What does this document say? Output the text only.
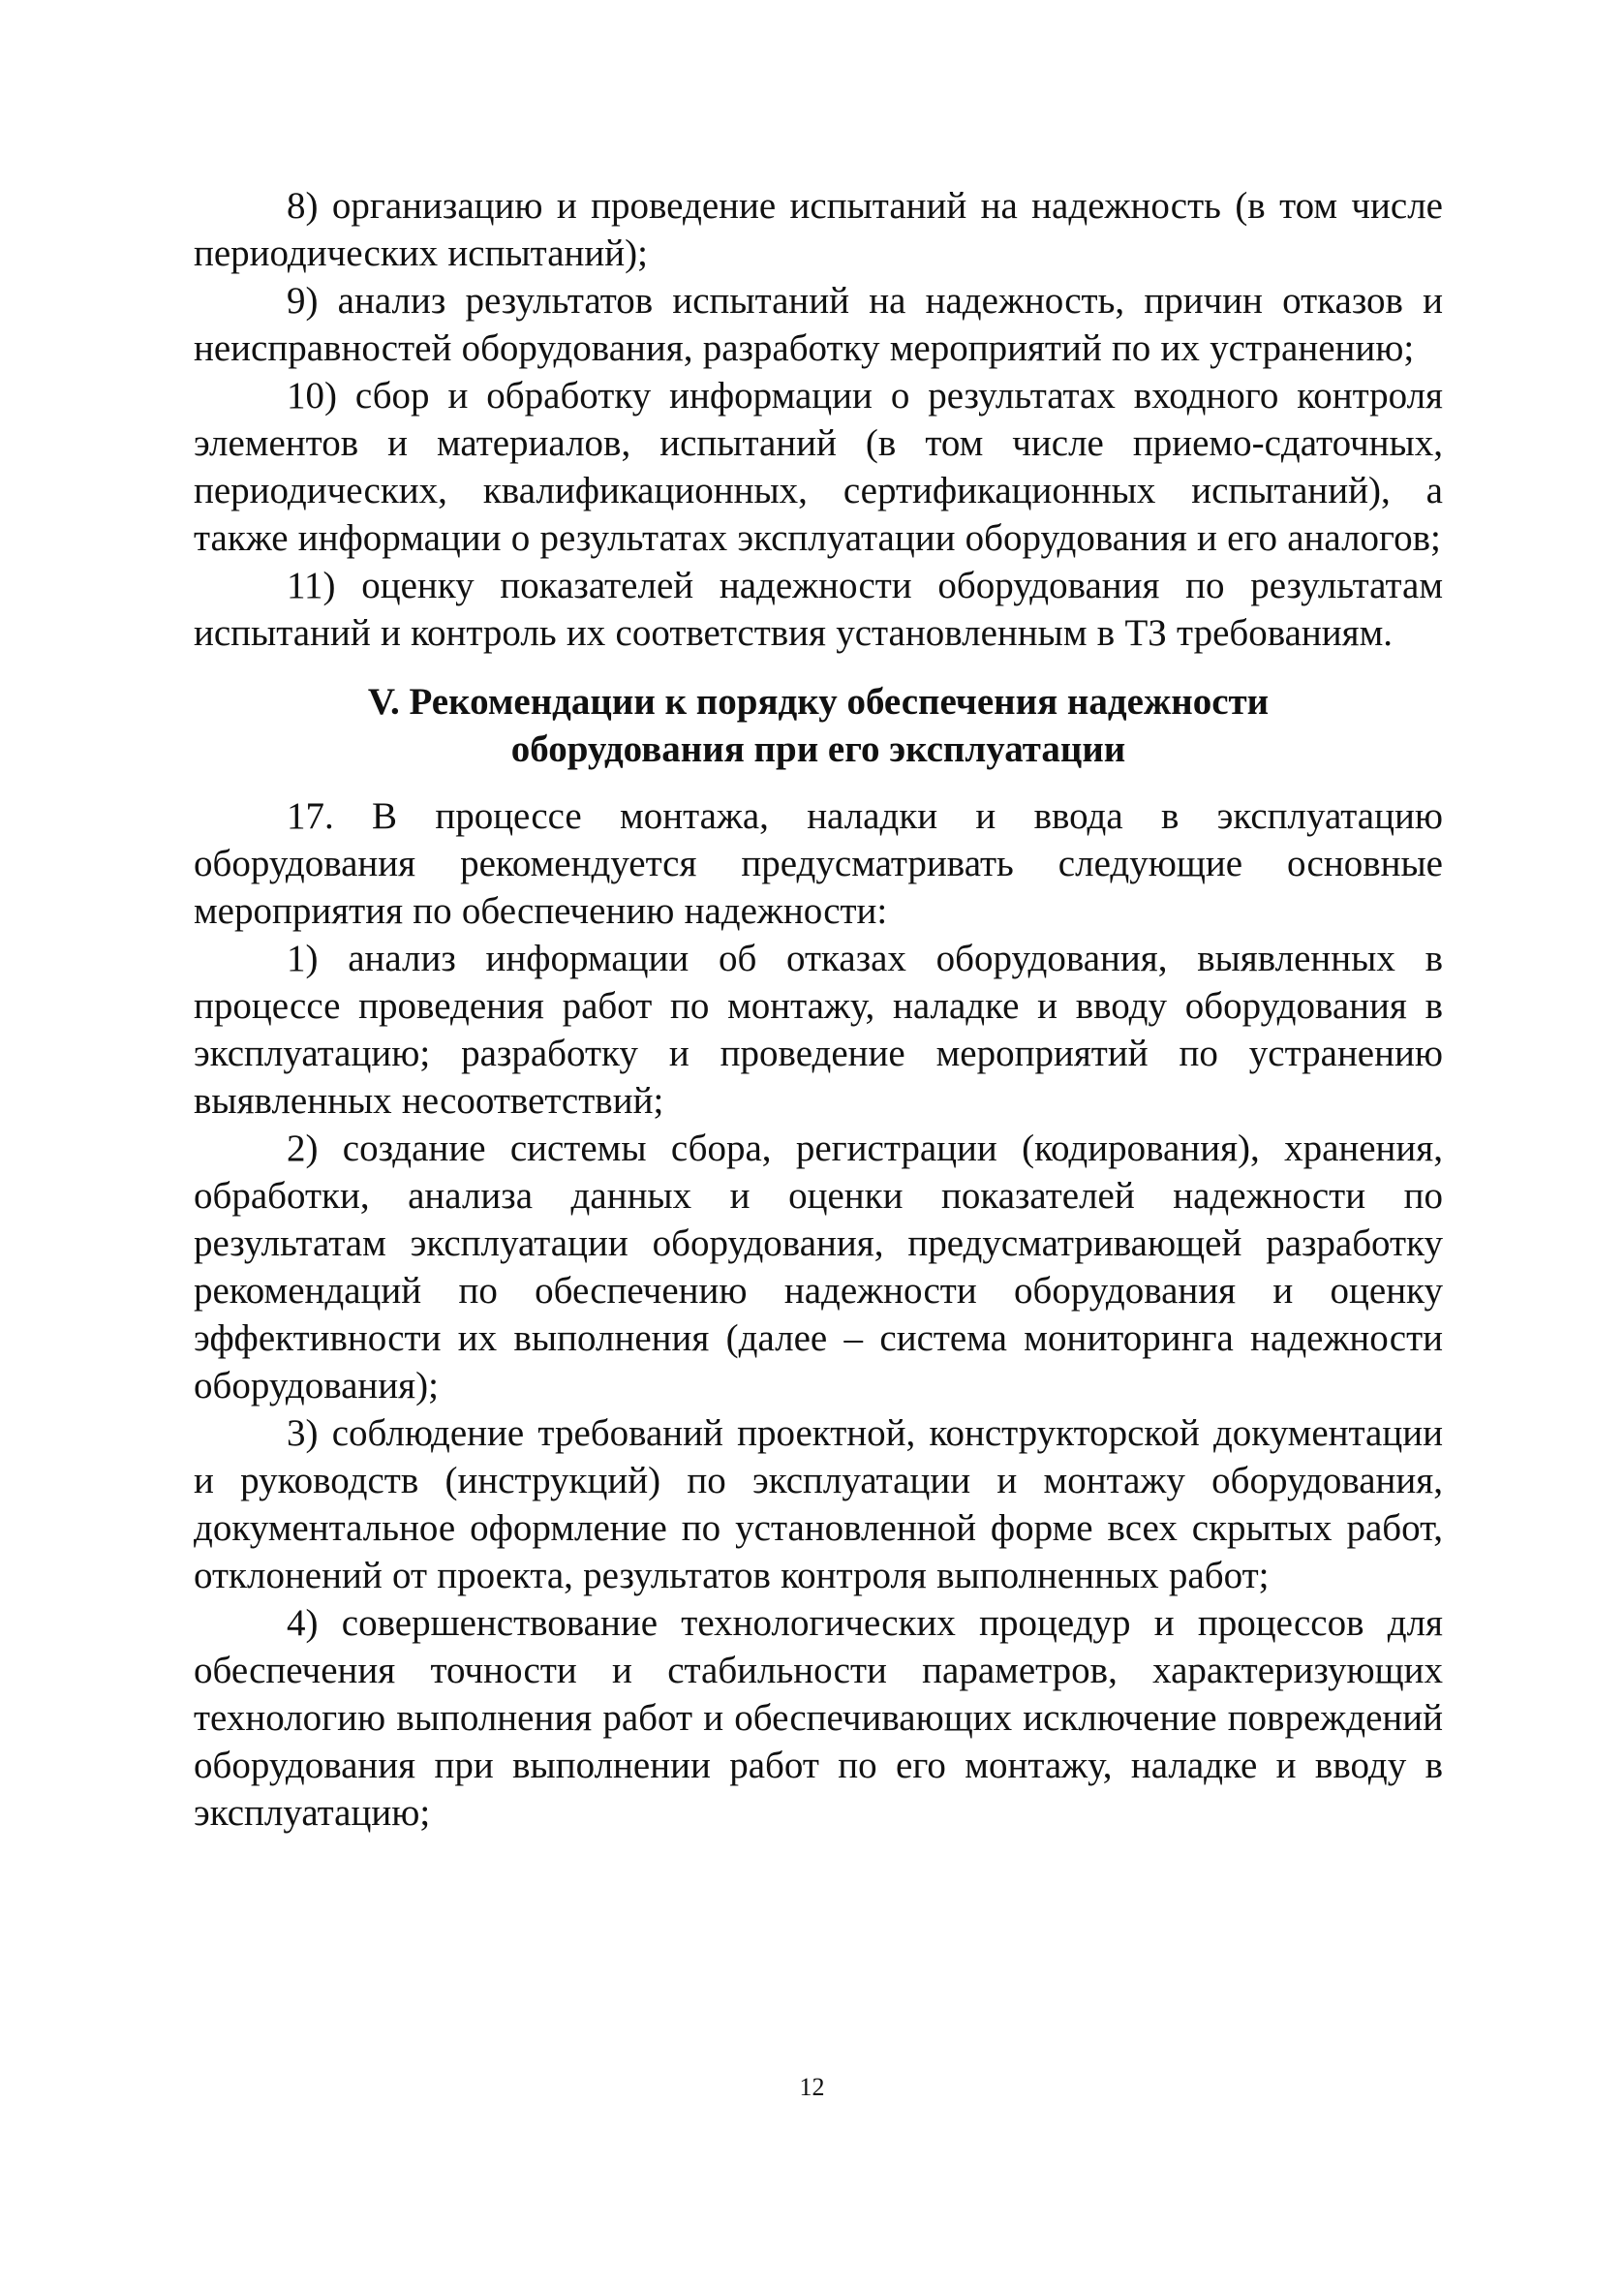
8) организацию и проведение испытаний на надежность (в том числе периодических испытаний);

9) анализ результатов испытаний на надежность, причин отказов и неисправностей оборудования, разработку мероприятий по их устранению;

10) сбор и обработку информации о результатах входного контроля элементов и материалов, испытаний (в том числе приемо-сдаточных, периодических, квалификационных, сертификационных испытаний), а также информации о результатах эксплуатации оборудования и его аналогов;

11) оценку показателей надежности оборудования по результатам испытаний и контроль их соответствия установленным в ТЗ требованиям.

V. Рекомендации к порядку обеспечения надежности
оборудования при его эксплуатации

17. В процессе монтажа, наладки и ввода в эксплуатацию оборудования рекомендуется предусматривать следующие основные мероприятия по обеспечению надежности:

1) анализ информации об отказах оборудования, выявленных в процессе проведения работ по монтажу, наладке и вводу оборудования в эксплуатацию; разработку и проведение мероприятий по устранению выявленных несоответствий;

2) создание системы сбора, регистрации (кодирования), хранения, обработки, анализа данных и оценки показателей надежности по результатам эксплуатации оборудования, предусматривающей разработку рекомендаций по обеспечению надежности оборудования и оценку эффективности их выполнения (далее – система мониторинга надежности оборудования);

3) соблюдение требований проектной, конструкторской документации и руководств (инструкций) по эксплуатации и монтажу оборудования, документальное оформление по установленной форме всех скрытых работ, отклонений от проекта, результатов контроля выполненных работ;

4) совершенствование технологических процедур и процессов для обеспечения точности и стабильности параметров, характеризующих технологию выполнения работ и обеспечивающих исключение повреждений оборудования при выполнении работ по его монтажу, наладке и вводу в эксплуатацию;

12
